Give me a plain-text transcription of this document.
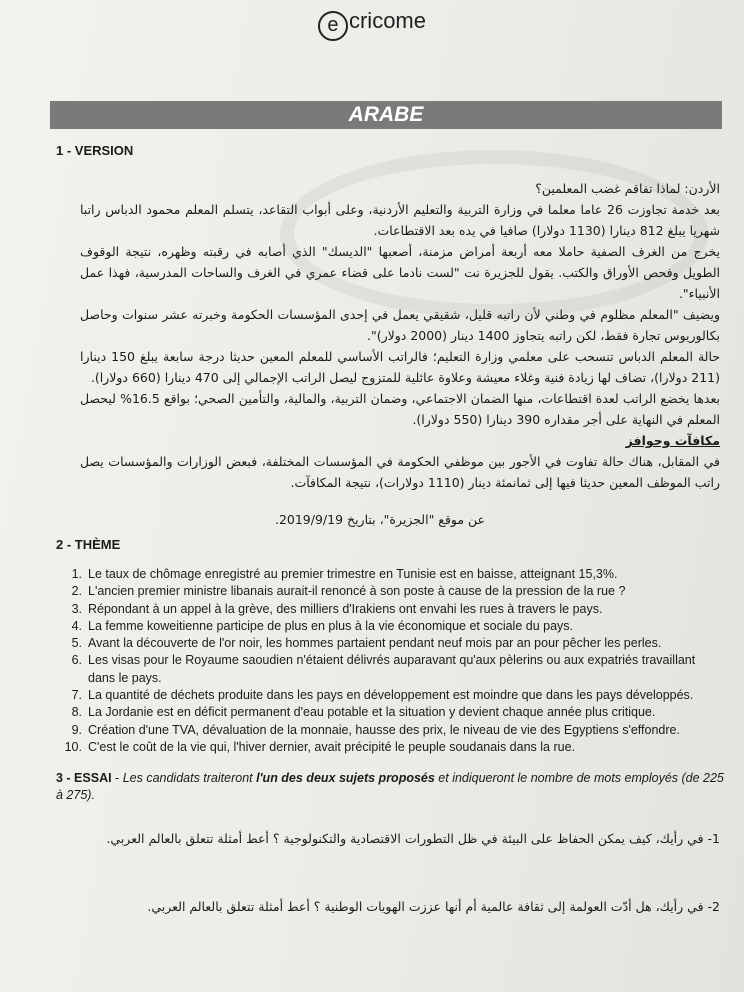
e cricome
ARABE
1 - VERSION

الأردن: لماذا تفاقم غضب المعلمين؟

بعد خدمة تجاوزت 26 عاما معلما في وزارة التربية والتعليم الأردنية، وعلى أبواب التقاعد، يتسلم المعلم محمود الدباس راتبا شهريا يبلغ 812 دينارا (1130 دولارا) صافيا في يده بعد الاقتطاعات.

يخرج من الغرف الصفية حاملا معه أربعة أمراض مزمنة، أصعبها "الديسك" الذي أصابه في رقبته وظهره، نتيجة الوقوف الطويل وفحص الأوراق والكتب. يقول للجزيرة نت "لست نادما على قضاء عمري في الغرف والساحات المدرسية، فهذا عمل الأنبياء".

ويضيف "المعلم مظلوم في وطني لأن راتبه قليل، شقيقي يعمل في إحدى المؤسسات الحكومة وخبرته عشر سنوات وحاصل بكالوريوس تجارة فقط، لكن راتبه يتجاوز 1400 دينار (2000 دولار)".

حالة المعلم الدباس تنسحب على معلمي وزارة التعليم؛ فالراتب الأساسي للمعلم المعين حديثا درجة سابعة يبلغ 150 دينارا (211 دولارا)، تضاف لها زيادة فنية وغلاء معيشة وعلاوة عائلية للمتزوج ليصل الراتب الإجمالي إلى 470 دينارا (660 دولارا).

بعدها يخضع الراتب لعدة اقتطاعات، منها الضمان الاجتماعي، وضمان التربية، والمالية، والتأمين الصحي؛ بواقع 16.5% ليحصل المعلم في النهاية على أجر مقداره 390 دينارا (550 دولارا).

مكافآت وحوافز

في المقابل، هناك حالة تفاوت في الأجور بين موظفي الحكومة في المؤسسات المختلفة، فبعض الوزارات والمؤسسات يصل راتب الموظف المعين حديثا فيها إلى ثمانمئة دينار (1110 دولارات)، نتيجة المكافآت.

عن موقع "الجزيرة"، بتاريخ 2019/9/19.
2 - THÈME
1. Le taux de chômage enregistré au premier trimestre en Tunisie est en baisse, atteignant 15,3%.
2. L'ancien premier ministre libanais aurait-il renoncé à son poste à cause de la pression de la rue ?
3. Répondant à un appel à la grève, des milliers d'Irakiens ont envahi les rues à travers le pays.
4. La femme koweitienne participe de plus en plus à la vie économique et sociale du pays.
5. Avant la découverte de l'or noir, les hommes partaient pendant neuf mois par an pour pêcher les perles.
6. Les visas pour le Royaume saoudien n'étaient délivrés auparavant qu'aux pèlerins ou aux expatriés travaillant dans le pays.
7. La quantité de déchets produite dans les pays en développement est moindre que dans les pays développés.
8. La Jordanie est en déficit permanent d'eau potable et la situation y devient chaque année plus critique.
9. Création d'une TVA, dévaluation de la monnaie, hausse des prix, le niveau de vie des Egyptiens s'effondre.
10. C'est le coût de la vie qui, l'hiver dernier, avait précipité le peuple soudanais dans la rue.
3 - ESSAI - Les candidats traiteront l'un des deux sujets proposés et indiqueront le nombre de mots employés (de 225 à 275).
1- في رأيك، كيف يمكن الحفاظ على البيئة في ظل التطورات الاقتصادية والتكنولوجية ؟ أعط أمثلة تتعلق بالعالم العربي.
2- في رأيك، هل أدّت العولمة إلى ثقافة عالمية أم أنها عززت الهويات الوطنية ؟ أعط أمثلة تتعلق بالعالم العربي.
